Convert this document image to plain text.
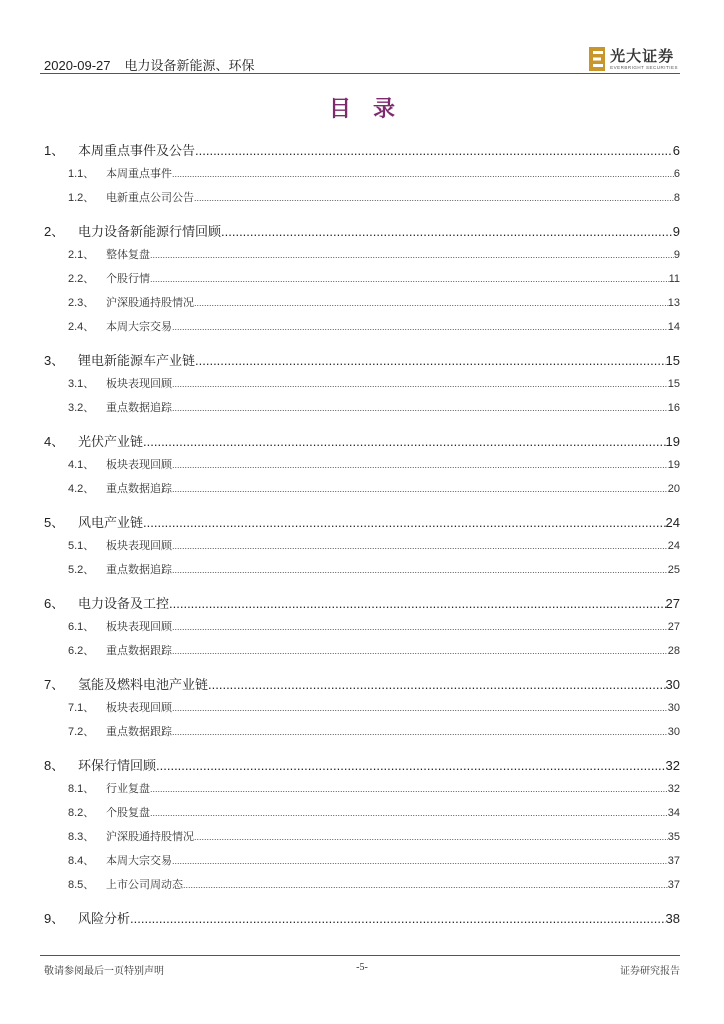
2020-09-27 电力设备新能源、环保
光大证券
EVERBRIGHT SECURITIES
目录
1、	本周重点事件及公告 .....	6
1.1、	本周重点事件 .....	6
1.2、	电新重点公司公告 .....	8
2、	电力设备新能源行情回顾 .....	9
2.1、	整体复盘 .....	9
2.2、	个股行情 .....	11
2.3、	沪深股通持股情况 .....	13
2.4、	本周大宗交易 .....	14
3、	锂电新能源车产业链 .....	15
3.1、	板块表现回顾 .....	15
3.2、	重点数据追踪 .....	16
4、	光伏产业链 .....	19
4.1、	板块表现回顾 .....	19
4.2、	重点数据追踪 .....	20
5、	风电产业链 .....	24
5.1、	板块表现回顾 .....	24
5.2、	重点数据追踪 .....	25
6、	电力设备及工控 .....	27
6.1、	板块表现回顾 .....	27
6.2、	重点数据跟踪 .....	28
7、	氢能及燃料电池产业链 .....	30
7.1、	板块表现回顾 .....	30
7.2、	重点数据跟踪 .....	30
8、	环保行情回顾 .....	32
8.1、	行业复盘 .....	32
8.2、	个股复盘 .....	34
8.3、	沪深股通持股情况 .....	35
8.4、	本周大宗交易 .....	37
8.5、	上市公司周动态 .....	37
9、	风险分析 .....	38
敬请参阅最后一页特别声明	-5-	证券研究报告
